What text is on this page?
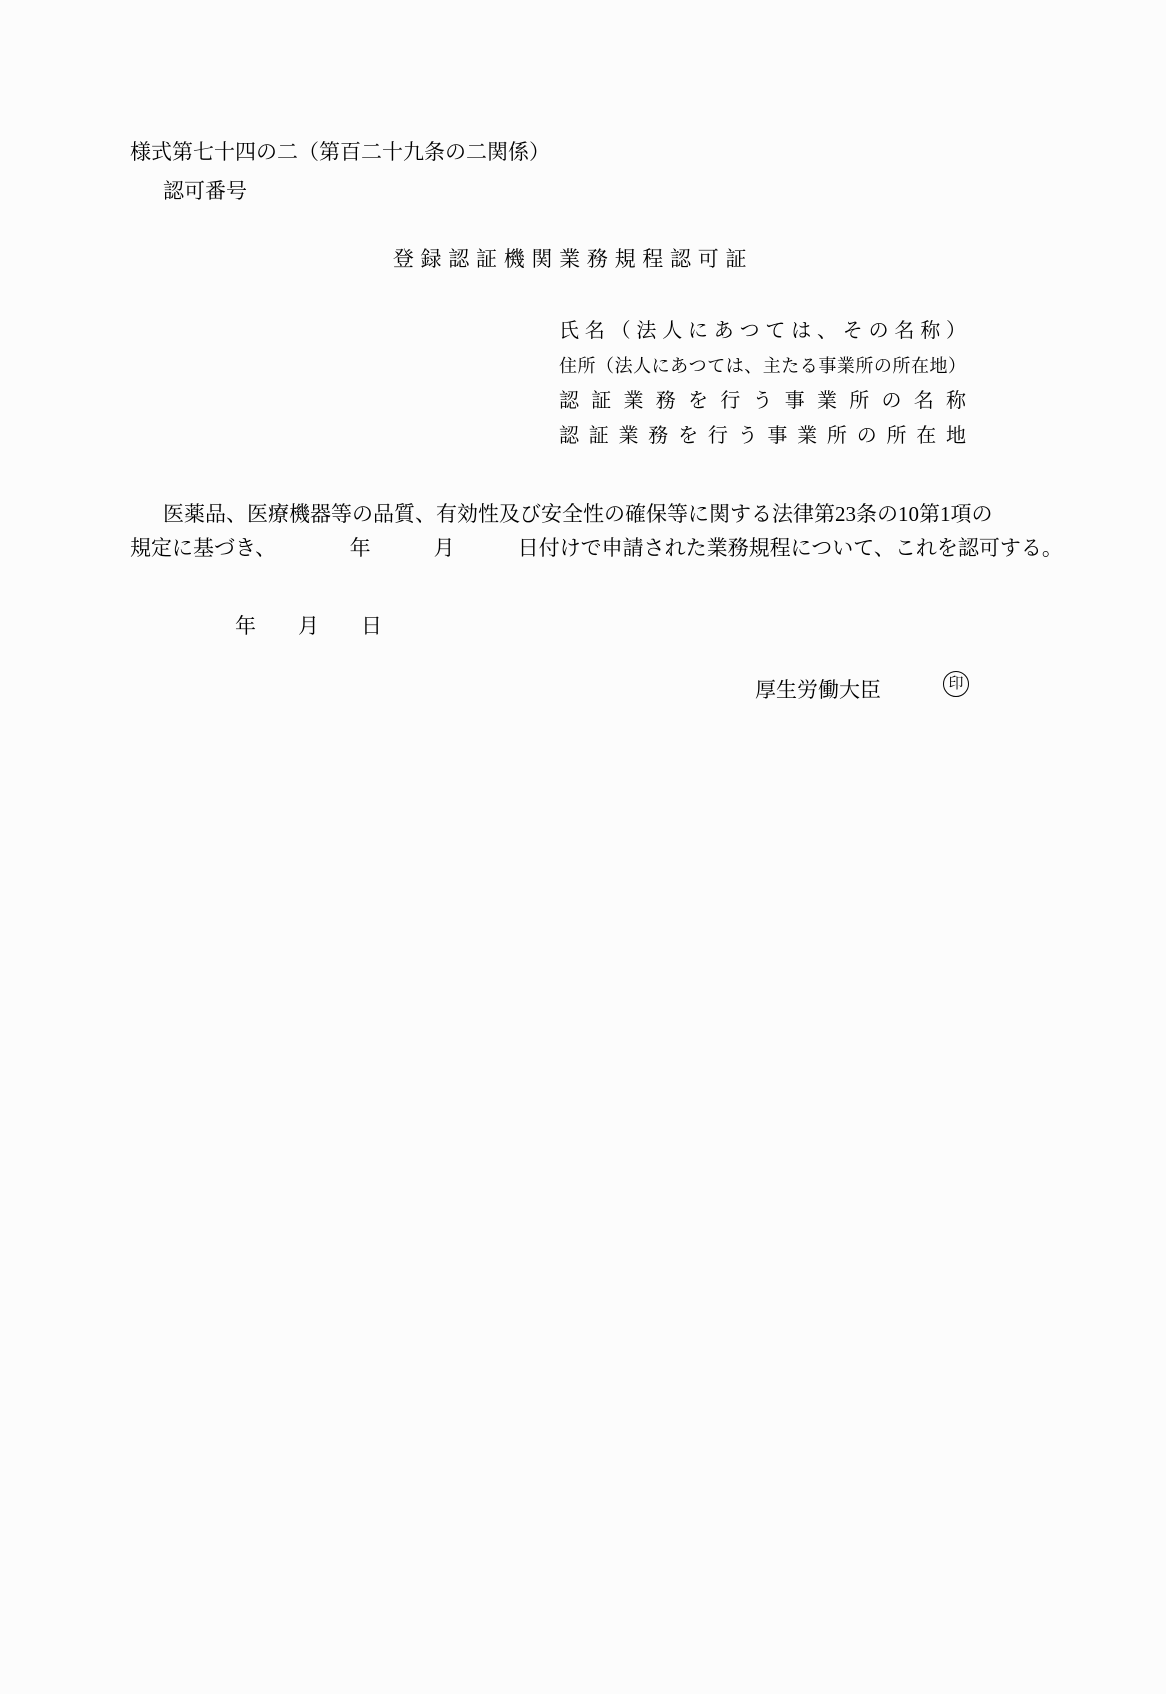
様式第七十四の二（第百二十九条の二関係）
認可番号
登録認証機関業務規程認可証
氏名（法人にあつては、その名称）
住所（法人にあつては、主たる事業所の所在地）
認証業務を行う事業所の名称
認証業務を行う事業所の所在地
医薬品、医療機器等の品質、有効性及び安全性の確保等に関する法律第23条の10第1項の
規定に基づき、　　　　年　　　月　　　日付けで申請された業務規程について、これを認可する。
年　　月　　日
厚生労働大臣	印
